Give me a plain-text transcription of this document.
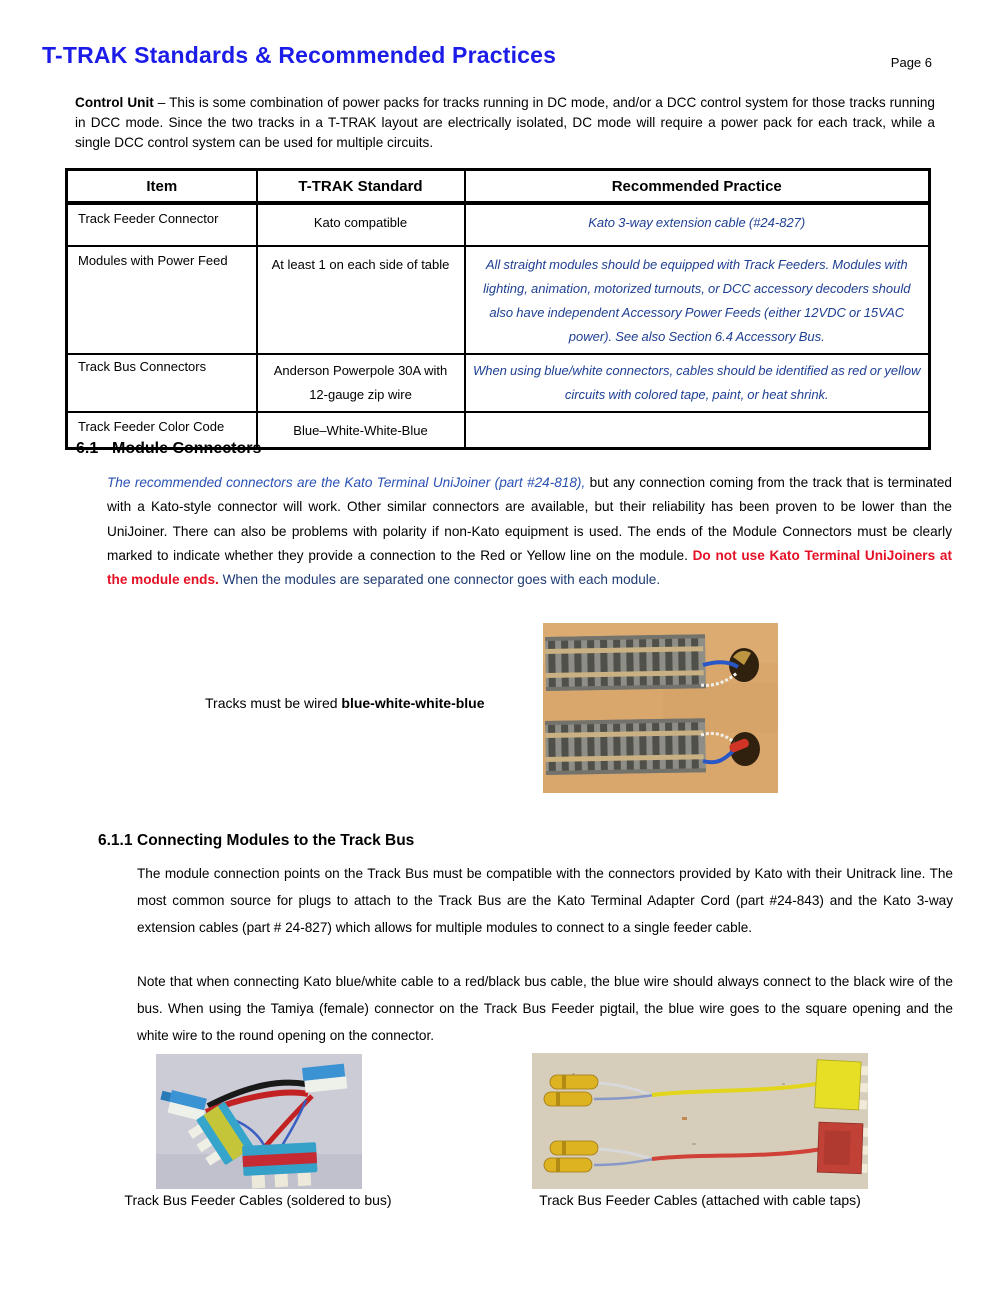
T-TRAK Standards & Recommended Practices	Page 6
Control Unit – This is some combination of power packs for tracks running in DC mode, and/or a DCC control system for those tracks running in DCC mode. Since the two tracks in a T-TRAK layout are electrically isolated, DC mode will require a power pack for each track, while a single DCC control system can be used for multiple circuits.
Item	T-TRAK Standard	Recommended Practice
Track Feeder Connector	Kato compatible	Kato 3-way extension cable (#24-827)
Modules with Power Feed	At least 1 on each side of table	All straight modules should be equipped with Track Feeders. Modules with lighting, animation, motorized turnouts, or DCC accessory decoders should also have independent Accessory Power Feeds (either 12VDC or 15VAC power). See also Section 6.4 Accessory Bus.
Track Bus Connectors	Anderson Powerpole 30A with 12-gauge zip wire	When using blue/white connectors, cables should be identified as red or yellow circuits with colored tape, paint, or heat shrink.
Track Feeder Color Code	Blue–White-White-Blue	
6.1 Module Connectors
The recommended connectors are the Kato Terminal UniJoiner (part #24-818), but any connection coming from the track that is terminated with a Kato-style connector will work. Other similar connectors are available, but their reliability has been proven to be lower than the UniJoiner. There can also be problems with polarity if non-Kato equipment is used. The ends of the Module Connectors must be clearly marked to indicate whether they provide a connection to the Red or Yellow line on the module. Do not use Kato Terminal UniJoiners at the module ends. When the modules are separated one connector goes with each module.
Tracks must be wired blue-white-white-blue
6.1.1 Connecting Modules to the Track Bus
The module connection points on the Track Bus must be compatible with the connectors provided by Kato with their Unitrack line. The most common source for plugs to attach to the Track Bus are the Kato Terminal Adapter Cord (part #24-843) and the Kato 3-way extension cables (part # 24-827) which allows for multiple modules to connect to a single feeder cable.
Note that when connecting Kato blue/white cable to a red/black bus cable, the blue wire should always connect to the black wire of the bus. When using the Tamiya (female) connector on the Track Bus Feeder pigtail, the blue wire goes to the square opening and the white wire to the round opening on the connector.
Track Bus Feeder Cables (soldered to bus)	Track Bus Feeder Cables (attached with cable taps)
